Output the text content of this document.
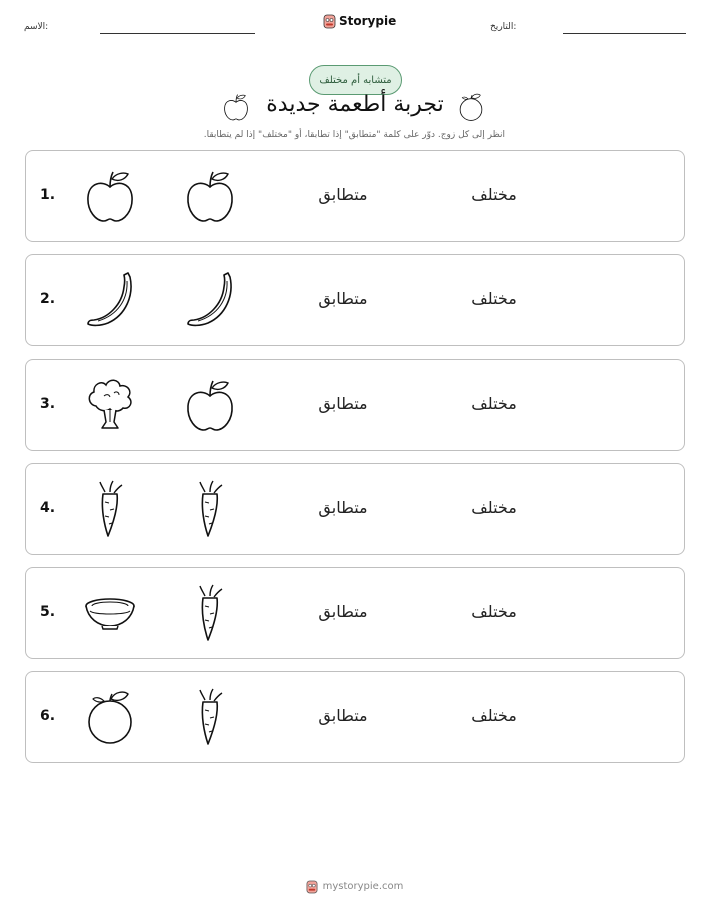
الاسم:	Storypie	التاريخ:
متشابه أم مختلف
تجربة أطعمة جديدة
انظر إلى كل زوج. دوّر على كلمة "متطابق" إذا تطابقا، أو "مختلف" إذا لم يتطابقا.
1.	متطابق	مختلف
2.	متطابق	مختلف
3.	متطابق	مختلف
4.	متطابق	مختلف
5.	متطابق	مختلف
6.	متطابق	مختلف
mystorypie.com
